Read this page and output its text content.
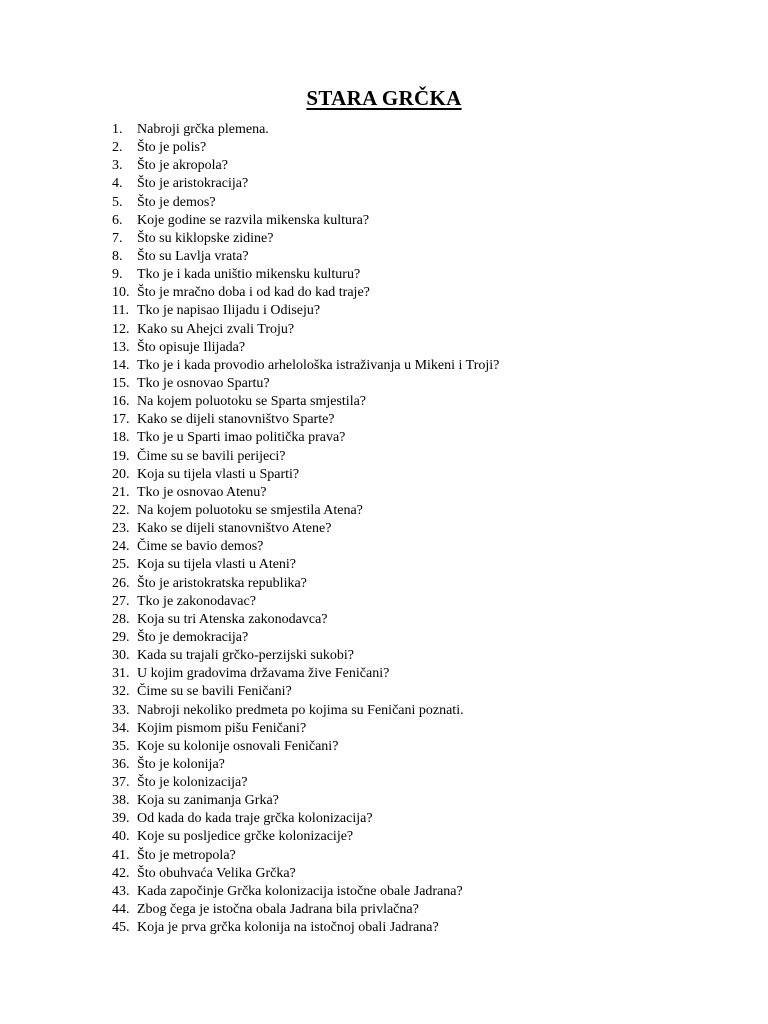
STARA GRČKA
1. Nabroji grčka plemena.
2. Što je polis?
3. Što je akropola?
4. Što je aristokracija?
5. Što je demos?
6. Koje godine se razvila mikenska kultura?
7. Što su kiklopske zidine?
8. Što su Lavlja vrata?
9. Tko je i kada uništio mikensku kulturu?
10. Što je mračno doba i od kad do kad traje?
11. Tko je napisao Ilijadu i Odiseju?
12. Kako su Ahejci zvali Troju?
13. Što opisuje Ilijada?
14. Tko je i kada provodio arhelološka istraživanja u Mikeni i Troji?
15. Tko je osnovao Spartu?
16. Na kojem poluotoku se Sparta smjestila?
17. Kako se dijeli stanovništvo Sparte?
18. Tko je u Sparti imao politička prava?
19. Čime su se bavili perijeci?
20. Koja su tijela vlasti u Sparti?
21. Tko je osnovao Atenu?
22. Na kojem poluotoku se smjestila Atena?
23. Kako se dijeli stanovništvo Atene?
24. Čime se bavio demos?
25. Koja su tijela vlasti u Ateni?
26. Što je aristokratska republika?
27. Tko je zakonodavac?
28. Koja su tri Atenska zakonodavca?
29. Što je demokracija?
30. Kada su trajali grčko-perzijski sukobi?
31. U kojim gradovima državama žive Feničani?
32. Čime su se bavili Feničani?
33. Nabroji nekoliko predmeta po kojima su Feničani poznati.
34. Kojim pismom pišu Feničani?
35. Koje su kolonije osnovali Feničani?
36. Što je kolonija?
37. Što je kolonizacija?
38. Koja su zanimanja Grka?
39. Od kada do kada traje grčka kolonizacija?
40. Koje su posljedice grčke kolonizacije?
41. Što je metropola?
42. Što obuhvaća Velika Grčka?
43. Kada započinje Grčka kolonizacija istočne obale Jadrana?
44. Zbog čega je istočna obala Jadrana bila privlačna?
45. Koja je prva grčka kolonija na istočnoj obali Jadrana?
